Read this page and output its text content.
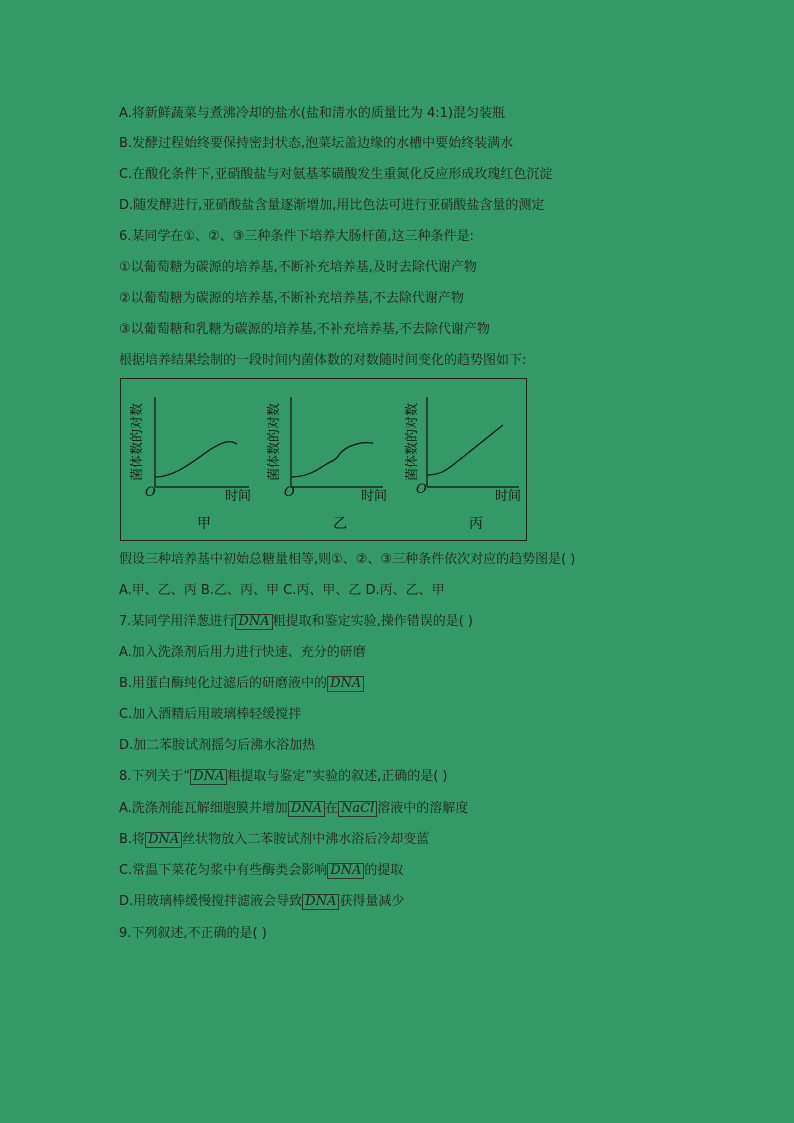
A.将新鲜蔬菜与煮沸冷却的盐水(盐和清水的质量比为 4:1)混匀装瓶
B.发酵过程始终要保持密封状态,泡菜坛盖边缘的水槽中要始终装满水
C.在酸化条件下,亚硝酸盐与对氨基苯磺酸发生重氮化反应形成玫瑰红色沉淀
D.随发酵进行,亚硝酸盐含量逐渐增加,用比色法可进行亚硝酸盐含量的测定
6.某同学在①、②、③三种条件下培养大肠杆菌,这三种条件是:
①以葡萄糖为碳源的培养基,不断补充培养基,及时去除代谢产物
②以葡萄糖为碳源的培养基,不断补充培养基,不去除代谢产物
③以葡萄糖和乳糖为碳源的培养基,不补充培养基,不去除代谢产物
根据培养结果绘制的一段时间内菌体数的对数随时间变化的趋势图如下:
菌体数的对数
O	时间
甲
菌体数的对数
O	时间
乙
菌体数的对数
O	时间
丙
假设三种培养基中初始总糖量相等,则①、②、③三种条件依次对应的趋势图是( )
A.甲、乙、丙 B.乙、丙、甲 C.丙、甲、乙 D.丙、乙、甲
7.某同学用洋葱进行 DNA 粗提取和鉴定实验,操作错误的是( )
A.加入洗涤剂后用力进行快速、充分的研磨
B.用蛋白酶纯化过滤后的研磨液中的 DNA
C.加入酒精后用玻璃棒轻缓搅拌
D.加二苯胺试剂摇匀后沸水浴加热
8.下列关于“ DNA 粗提取与鉴定”实验的叙述,正确的是( )
A.洗涤剂能瓦解细胞膜并增加 DNA 在 NaCl 溶液中的溶解度
B.将 DNA 丝状物放入二苯胺试剂中沸水浴后冷却变蓝
C.常温下菜花匀浆中有些酶类会影响 DNA 的提取
D.用玻璃棒缓慢搅拌滤液会导致 DNA 获得量减少
9.下列叙述,不正确的是( )
